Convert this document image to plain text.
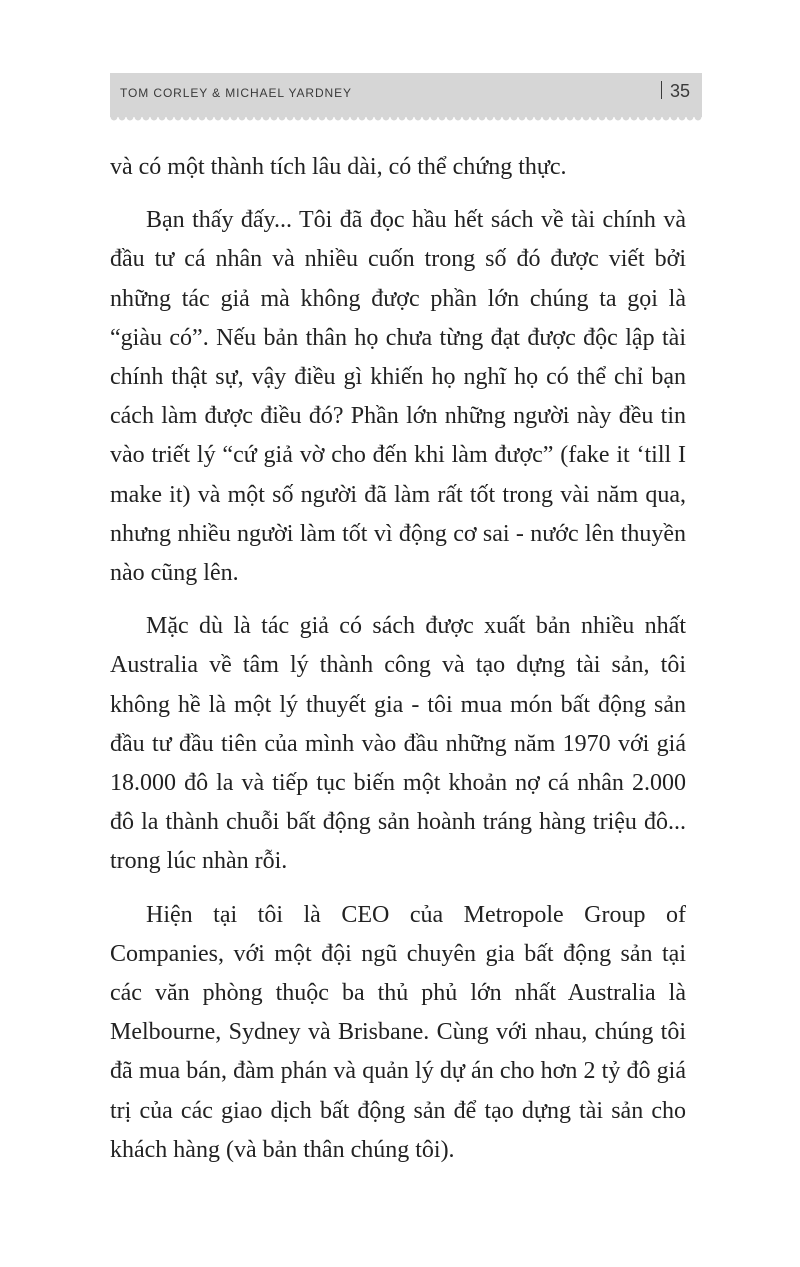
TOM CORLEY & MICHAEL YARDNEY	35

và có một thành tích lâu dài, có thể chứng thực.

Bạn thấy đấy... Tôi đã đọc hầu hết sách về tài chính và đầu tư cá nhân và nhiều cuốn trong số đó được viết bởi những tác giả mà không được phần lớn chúng ta gọi là “giàu có”. Nếu bản thân họ chưa từng đạt được độc lập tài chính thật sự, vậy điều gì khiến họ nghĩ họ có thể chỉ bạn cách làm được điều đó? Phần lớn những người này đều tin vào triết lý “cứ giả vờ cho đến khi làm được” (fake it ‘till I make it) và một số người đã làm rất tốt trong vài năm qua, nhưng nhiều người làm tốt vì động cơ sai - nước lên thuyền nào cũng lên.

Mặc dù là tác giả có sách được xuất bản nhiều nhất Australia về tâm lý thành công và tạo dựng tài sản, tôi không hề là một lý thuyết gia - tôi mua món bất động sản đầu tư đầu tiên của mình vào đầu những năm 1970 với giá 18.000 đô la và tiếp tục biến một khoản nợ cá nhân 2.000 đô la thành chuỗi bất động sản hoành tráng hàng triệu đô... trong lúc nhàn rỗi.

Hiện tại tôi là CEO của Metropole Group of Companies, với một đội ngũ chuyên gia bất động sản tại các văn phòng thuộc ba thủ phủ lớn nhất Australia là Melbourne, Sydney và Brisbane. Cùng với nhau, chúng tôi đã mua bán, đàm phán và quản lý dự án cho hơn 2 tỷ đô giá trị của các giao dịch bất động sản để tạo dựng tài sản cho khách hàng (và bản thân chúng tôi).
